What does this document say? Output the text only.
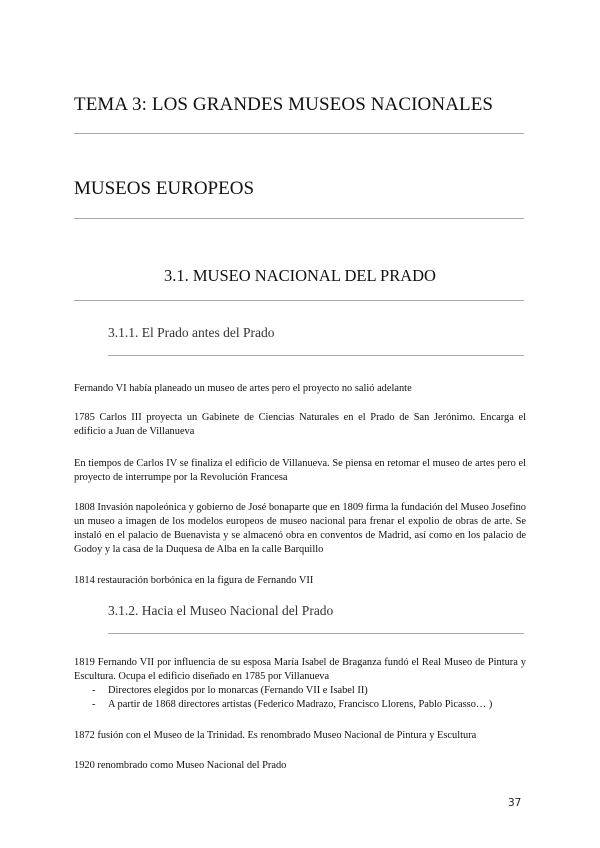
TEMA 3: LOS GRANDES MUSEOS NACIONALES
MUSEOS EUROPEOS
3.1. MUSEO NACIONAL DEL PRADO
3.1.1. El Prado antes del Prado

Fernando VI había planeado un museo de artes pero el proyecto no salió adelante

1785 Carlos III proyecta un Gabinete de Ciencias Naturales en el Prado de San Jerónimo. Encarga el edificio a Juan de Villanueva

En tiempos de Carlos IV se finaliza el edificio de Villanueva. Se piensa en retomar el museo de artes pero el proyecto de interrumpe por la Revolución Francesa

1808 Invasión napoleónica y gobierno de José bonaparte que en 1809 firma la fundación del Museo Josefino un museo a imagen de los modelos europeos de museo nacional para frenar el expolio de obras de arte. Se instaló en el palacio de Buenavista y se almacenó obra en conventos de Madrid, así como en los palacio de Godoy y la casa de la Duquesa de Alba en la calle Barquillo

1814 restauración borbónica en la figura de Fernando VII

3.1.2. Hacia el Museo Nacional del Prado

1819 Fernando VII por influencia de su esposa María Isabel de Braganza fundó el Real Museo de Pintura y Escultura. Ocupa el edificio diseñado en 1785 por Villanueva

- Directores elegidos por lo monarcas (Fernando VII e Isabel II)
- A partir de 1868 directores artistas (Federico Madrazo, Francisco Llorens, Pablo Picasso… )

1872 fusión con el Museo de la Trinidad. Es renombrado Museo Nacional de Pintura y Escultura

1920 renombrado como Museo Nacional del Prado

37
